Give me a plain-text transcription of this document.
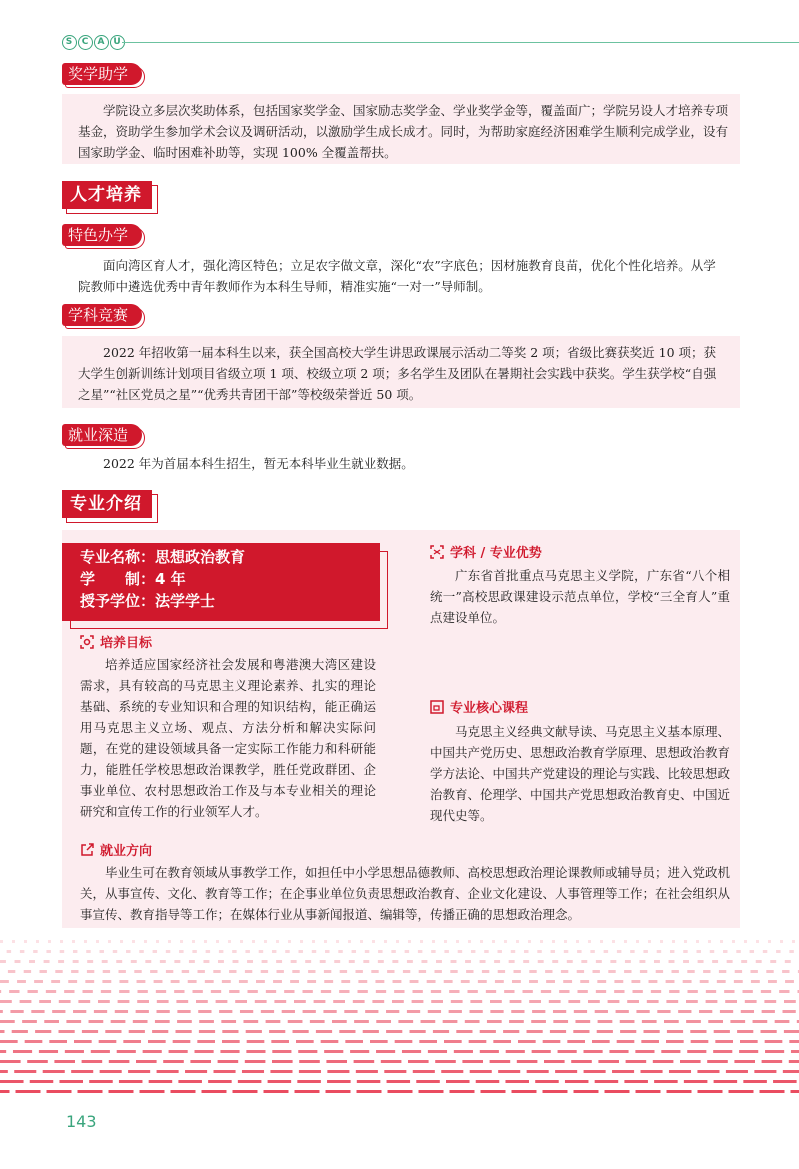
S C A U
奖学助学
学院设立多层次奖助体系，包括国家奖学金、国家励志奖学金、学业奖学金等，覆盖面广；学院另设人才培养专项基金，资助学生参加学术会议及调研活动，以激励学生成长成才。同时，为帮助家庭经济困难学生顺利完成学业，设有国家助学金、临时困难补助等，实现 100% 全覆盖帮扶。
人才培养
特色办学
面向湾区育人才，强化湾区特色；立足农字做文章，深化“农”字底色；因材施教育良苗，优化个性化培养。从学院教师中遴选优秀中青年教师作为本科生导师，精准实施“一对一”导师制。
学科竞赛
2022 年招收第一届本科生以来，获全国高校大学生讲思政课展示活动二等奖 2 项；省级比赛获奖近 10 项；获大学生创新训练计划项目省级立项 1 项、校级立项 2 项；多名学生及团队在暑期社会实践中获奖。学生获学校“自强之星”“社区党员之星”“优秀共青团干部”等校级荣誉近 50 项。
就业深造
2022 年为首届本科生招生，暂无本科毕业生就业数据。
专业介绍
专业名称：思想政治教育
学　　制：4 年
授予学位：法学学士
培养目标
培养适应国家经济社会发展和粤港澳大湾区建设需求，具有较高的马克思主义理论素养、扎实的理论基础、系统的专业知识和合理的知识结构，能正确运用马克思主义立场、观点、方法分析和解决实际问题，在党的建设领域具备一定实际工作能力和科研能力，能胜任学校思想政治课教学，胜任党政群团、企事业单位、农村思想政治工作及与本专业相关的理论研究和宣传工作的行业领军人才。
学科 / 专业优势
广东省首批重点马克思主义学院，广东省“八个相统一”高校思政课建设示范点单位，学校“三全育人”重点建设单位。
专业核心课程
马克思主义经典文献导读、马克思主义基本原理、中国共产党历史、思想政治教育学原理、思想政治教育学方法论、中国共产党建设的理论与实践、比较思想政治教育、伦理学、中国共产党思想政治教育史、中国近现代史等。
就业方向
毕业生可在教育领域从事教学工作，如担任中小学思想品德教师、高校思想政治理论课教师或辅导员；进入党政机关，从事宣传、文化、教育等工作；在企事业单位负责思想政治教育、企业文化建设、人事管理等工作；在社会组织从事宣传、教育指导等工作；在媒体行业从事新闻报道、编辑等，传播正确的思想政治理念。
143
